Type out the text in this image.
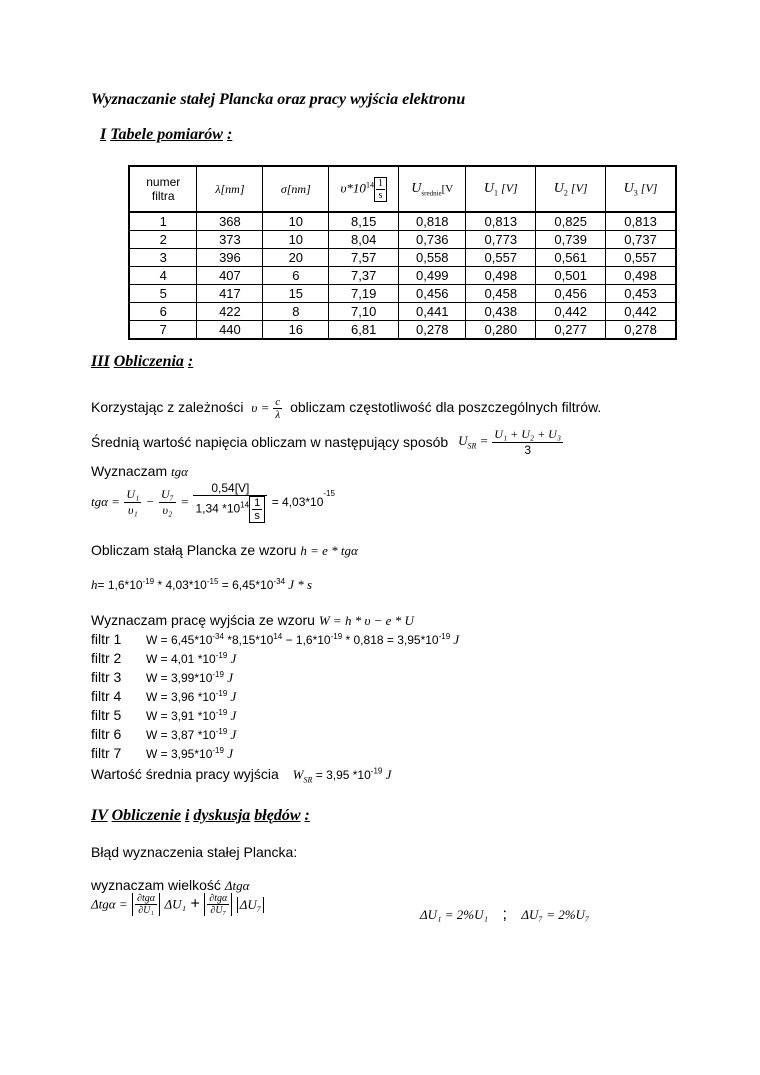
Wyznaczanie stałej Plancka oraz pracy wyjścia elektronu
I Tabele pomiarów :
numer filtra	λ[nm]	σ[nm]	$\upsilon*10^{14} \frac{1}{s}$	$U_{średnie}[V$	$U_1$ [V]	$U_2$ [V]	$U_3$ [V]
1	368	10	8,15	0,818	0,813	0,825	0,813
2	373	10	8,04	0,736	0,773	0,739	0,737
3	396	20	7,57	0,558	0,557	0,561	0,557
4	407	6	7,37	0,499	0,498	0,501	0,498
5	417	15	7,19	0,456	0,458	0,456	0,453
6	422	8	7,10	0,441	0,438	0,442	0,442
7	440	16	6,81	0,278	0,280	0,277	0,278
III Obliczenia :
Korzystając z zależności $\upsilon = \frac{c}{\lambda}$ obliczam częstotliwość dla poszczególnych filtrów.
Średnią wartość napięcia obliczam w następujący sposób $U_{SR} = \frac{\text{U₁ + U₂ + U₃}}{3}$
Wyznaczam tgα
$tg\alpha = \frac{\text{U₁}}{\text{υ₁}} - \frac{\text{U₇}}{\text{υ₂}} = \frac{0,54[V]}{1,34 *10^{14} \frac{1}{s}} = 4,03*10^{-15}$
Obliczam stałą Plancka ze wzoru h = e * tgα
$h= 1,6*10^{-19} * 4,03*10^{-15} = 6,45*10^{-34}$ J * s
Wyznaczam pracę wyjścia ze wzoru W = h * υ − e * U
filtr 1 $W = 6,45*10^{-34}$ $*8,15*10^{14} - 1,6*10^{-19} * 0,818 = 3,95*10^{-19}$ J
filtr 2 W = 4,01 $*10^{-19}$ J
filtr 3 $W = 3,99*10^{-19}$ J
filtr 4 W = 3,96 $*10^{-19}$ J
filtr 5 W = 3,91 $*10^{-19}$ J
filtr 6 W = 3,87 $*10^{-19}$ J
filtr 7 $W = 3,95*10^{-19}$ J
Wartość średnia pracy wyjścia $W_{SR} = 3,95$ $*10^{-19}$ J
IV Obliczenie i dyskusja błędów :
Błąd wyznaczenia stałej Plancka:
wyznaczam wielkość Δtgα
$\Delta tg\alpha = \frac{\text{∂tgα}}{\text{∂U₁}} \Delta U_1 + \frac{\text{∂tgα}}{\text{∂U₇}} \Delta U_7$
ΔU₁ = 2%U₁ ; ΔU₇ = 2%U₇
